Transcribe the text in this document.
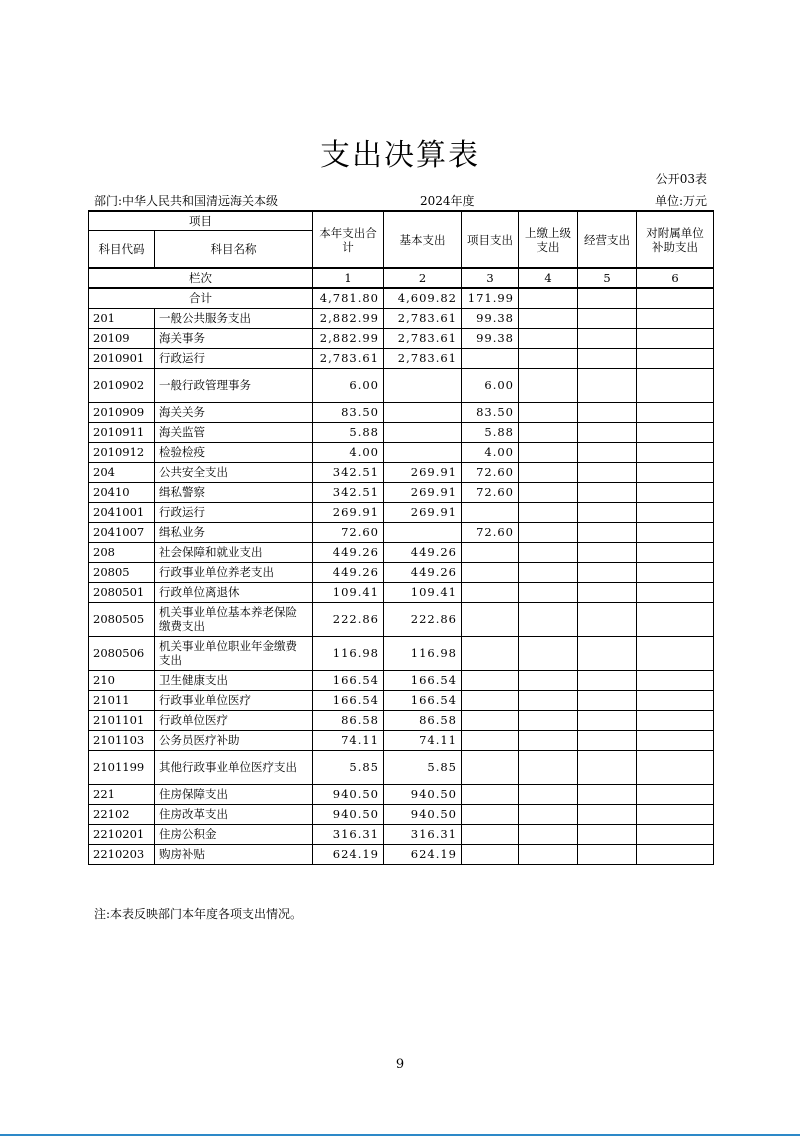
支出决算表
公开03表
部门:中华人民共和国清远海关本级	2024年度	单位:万元
项目		本年支出合计	基本支出	项目支出	上缴上级支出	经营支出	对附属单位补助支出
科目代码	科目名称						
栏次		1	2	3	4	5	6
合计		4,781.80	4,609.82	171.99			
201	一般公共服务支出	2,882.99	2,783.61	99.38			
20109	海关事务	2,882.99	2,783.61	99.38			
2010901	行政运行	2,783.61	2,783.61				
2010902	一般行政管理事务	6.00		6.00			
2010909	海关关务	83.50		83.50			
2010911	海关监管	5.88		5.88			
2010912	检验检疫	4.00		4.00			
204	公共安全支出	342.51	269.91	72.60			
20410	缉私警察	342.51	269.91	72.60			
2041001	行政运行	269.91	269.91				
2041007	缉私业务	72.60		72.60			
208	社会保障和就业支出	449.26	449.26				
20805	行政事业单位养老支出	449.26	449.26				
2080501	行政单位离退休	109.41	109.41				
2080505	机关事业单位基本养老保险缴费支出	222.86	222.86				
2080506	机关事业单位职业年金缴费支出	116.98	116.98				
210	卫生健康支出	166.54	166.54				
21011	行政事业单位医疗	166.54	166.54				
2101101	行政单位医疗	86.58	86.58				
2101103	公务员医疗补助	74.11	74.11				
2101199	其他行政事业单位医疗支出	5.85	5.85				
221	住房保障支出	940.50	940.50				
22102	住房改革支出	940.50	940.50				
2210201	住房公积金	316.31	316.31				
2210203	购房补贴	624.19	624.19				
注:本表反映部门本年度各项支出情况。
9
